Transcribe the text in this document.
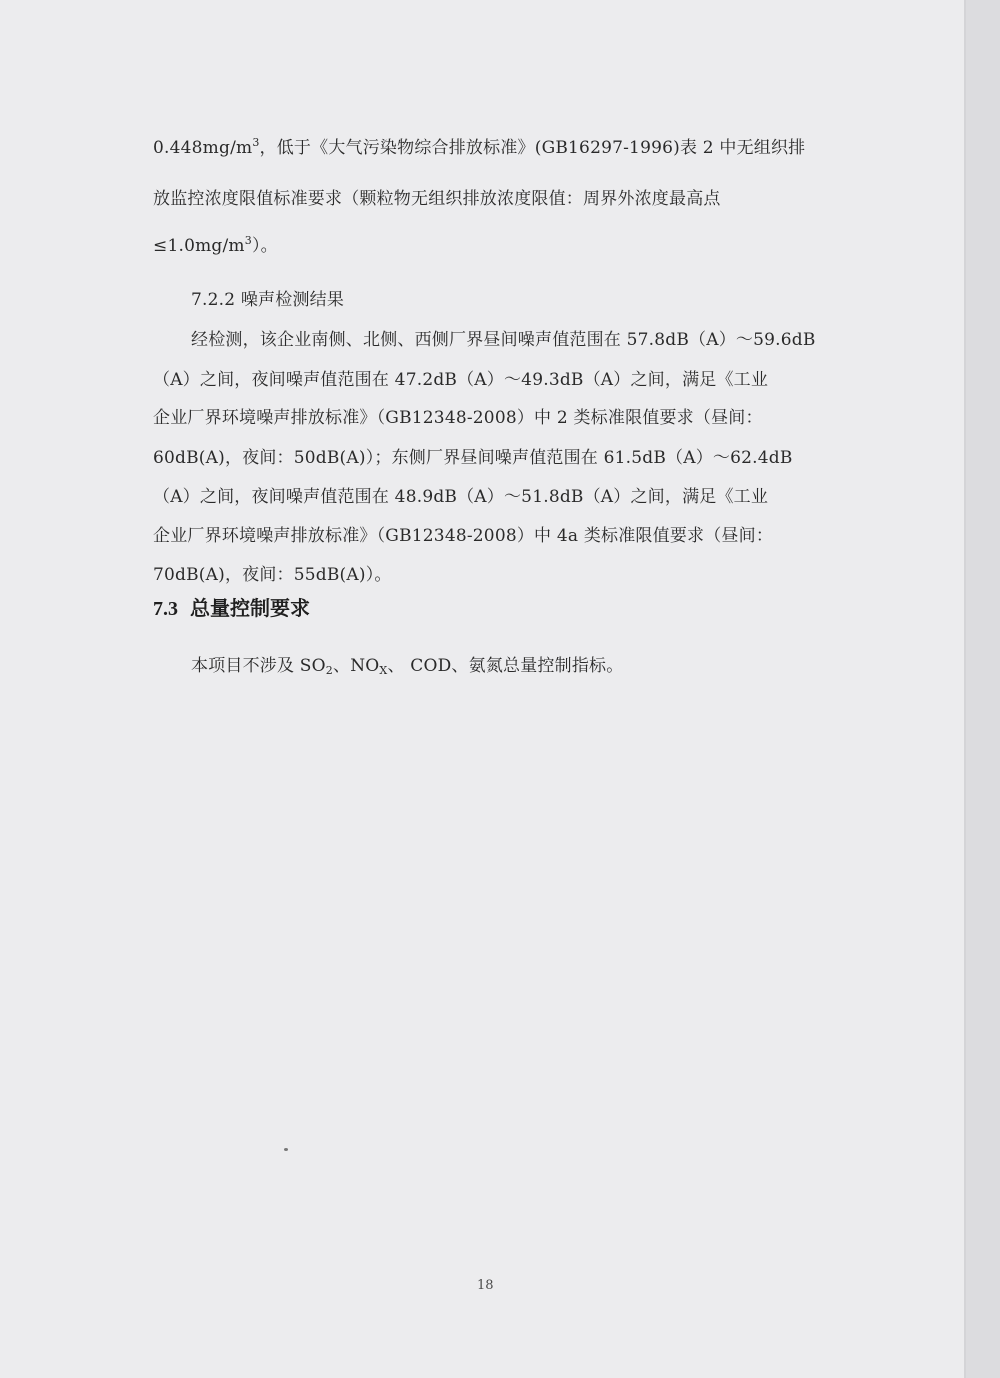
$0.448mg/m^3$，低于《大气污染物综合排放标准》(GB16297-1996)表 2 中无组织排
放监控浓度限值标准要求（颗粒物无组织排放浓度限值：周界外浓度最高点
$\le 1.0mg/m^3$）。
7.2.2 噪声检测结果
经检测，该企业南侧、北侧、西侧厂界昼间噪声值范围在 57.8dB（A）～59.6dB
（A）之间，夜间噪声值范围在 47.2dB（A）～49.3dB（A）之间，满足《工业
企业厂界环境噪声排放标准》（GB12348-2008）中 2 类标准限值要求（昼间：
60dB(A)，夜间：50dB(A)）；东侧厂界昼间噪声值范围在 61.5dB（A）～62.4dB
（A）之间，夜间噪声值范围在 48.9dB（A）～51.8dB（A）之间，满足《工业
企业厂界环境噪声排放标准》（GB12348-2008）中 4a 类标准限值要求（昼间：
70dB(A)，夜间：55dB(A)）。
7.3 总量控制要求
本项目不涉及 $SO_2$、$NO_X$、 COD、氨氮总量控制指标。
18
